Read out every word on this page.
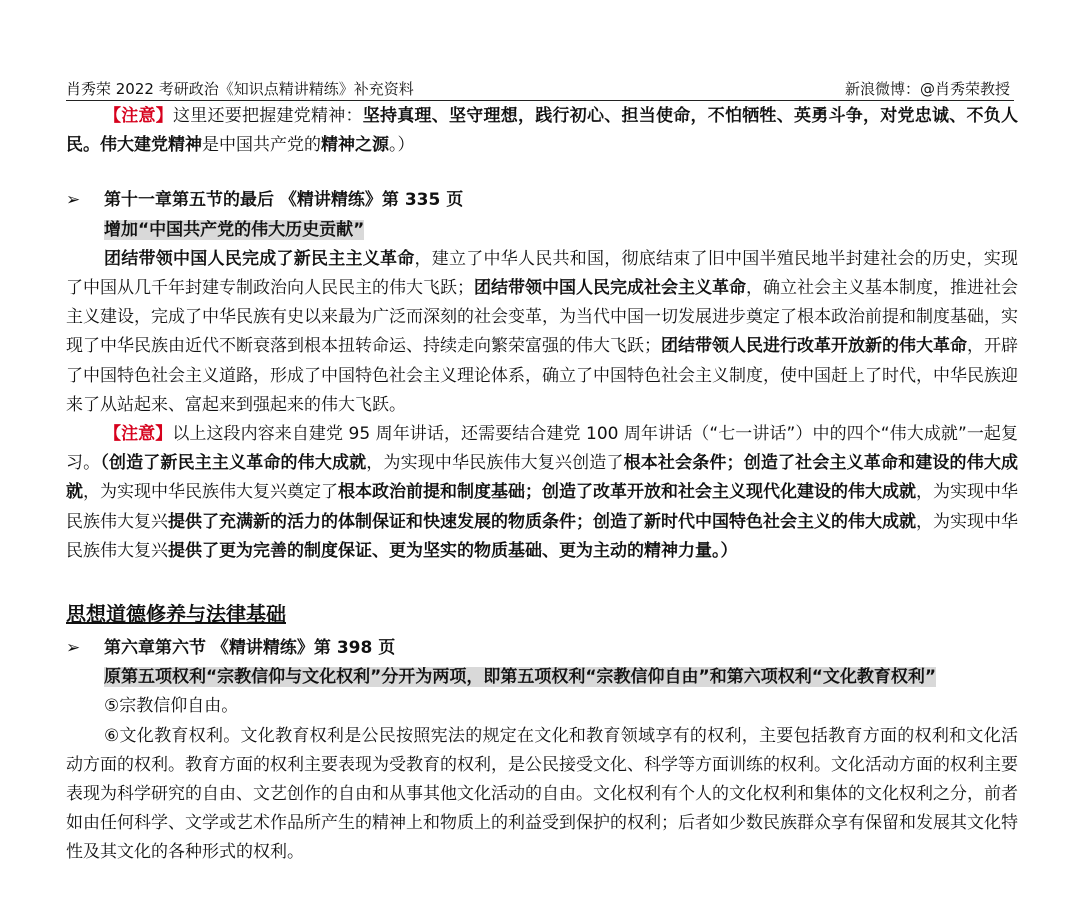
肖秀荣 2022 考研政治《知识点精讲精练》补充资料	新浪微博：@肖秀荣教授

【注意】这里还要把握建党精神：坚持真理、坚守理想，践行初心、担当使命，不怕牺牲、英勇斗争，对党忠诚、不负人民。伟大建党精神是中国共产党的精神之源。）

➢ 第十一章第五节的最后 《精讲精练》第 335 页

增加“中国共产党的伟大历史贡献”

团结带领中国人民完成了新民主主义革命，建立了中华人民共和国，彻底结束了旧中国半殖民地半封建社会的历史，实现了中国从几千年封建专制政治向人民民主的伟大飞跃；团结带领中国人民完成社会主义革命，确立社会主义基本制度，推进社会主义建设，完成了中华民族有史以来最为广泛而深刻的社会变革，为当代中国一切发展进步奠定了根本政治前提和制度基础，实现了中华民族由近代不断衰落到根本扭转命运、持续走向繁荣富强的伟大飞跃；团结带领人民进行改革开放新的伟大革命，开辟了中国特色社会主义道路，形成了中国特色社会主义理论体系，确立了中国特色社会主义制度，使中国赶上了时代，中华民族迎来了从站起来、富起来到强起来的伟大飞跃。

【注意】以上这段内容来自建党 95 周年讲话，还需要结合建党 100 周年讲话（“七一讲话”）中的四个“伟大成就”一起复习。（创造了新民主主义革命的伟大成就，为实现中华民族伟大复兴创造了根本社会条件；创造了社会主义革命和建设的伟大成就，为实现中华民族伟大复兴奠定了根本政治前提和制度基础；创造了改革开放和社会主义现代化建设的伟大成就，为实现中华民族伟大复兴提供了充满新的活力的体制保证和快速发展的物质条件；创造了新时代中国特色社会主义的伟大成就，为实现中华民族伟大复兴提供了更为完善的制度保证、更为坚实的物质基础、更为主动的精神力量。）

思想道德修养与法律基础

➢ 第六章第六节 《精讲精练》第 398 页

原第五项权利“宗教信仰与文化权利”分开为两项，即第五项权利“宗教信仰自由”和第六项权利“文化教育权利”

⑤宗教信仰自由。

⑥文化教育权利。文化教育权利是公民按照宪法的规定在文化和教育领域享有的权利，主要包括教育方面的权利和文化活动方面的权利。教育方面的权利主要表现为受教育的权利，是公民接受文化、科学等方面训练的权利。文化活动方面的权利主要表现为科学研究的自由、文艺创作的自由和从事其他文化活动的自由。文化权利有个人的文化权利和集体的文化权利之分，前者如由任何科学、文学或艺术作品所产生的精神上和物质上的利益受到保护的权利；后者如少数民族群众享有保留和发展其文化特性及其文化的各种形式的权利。
